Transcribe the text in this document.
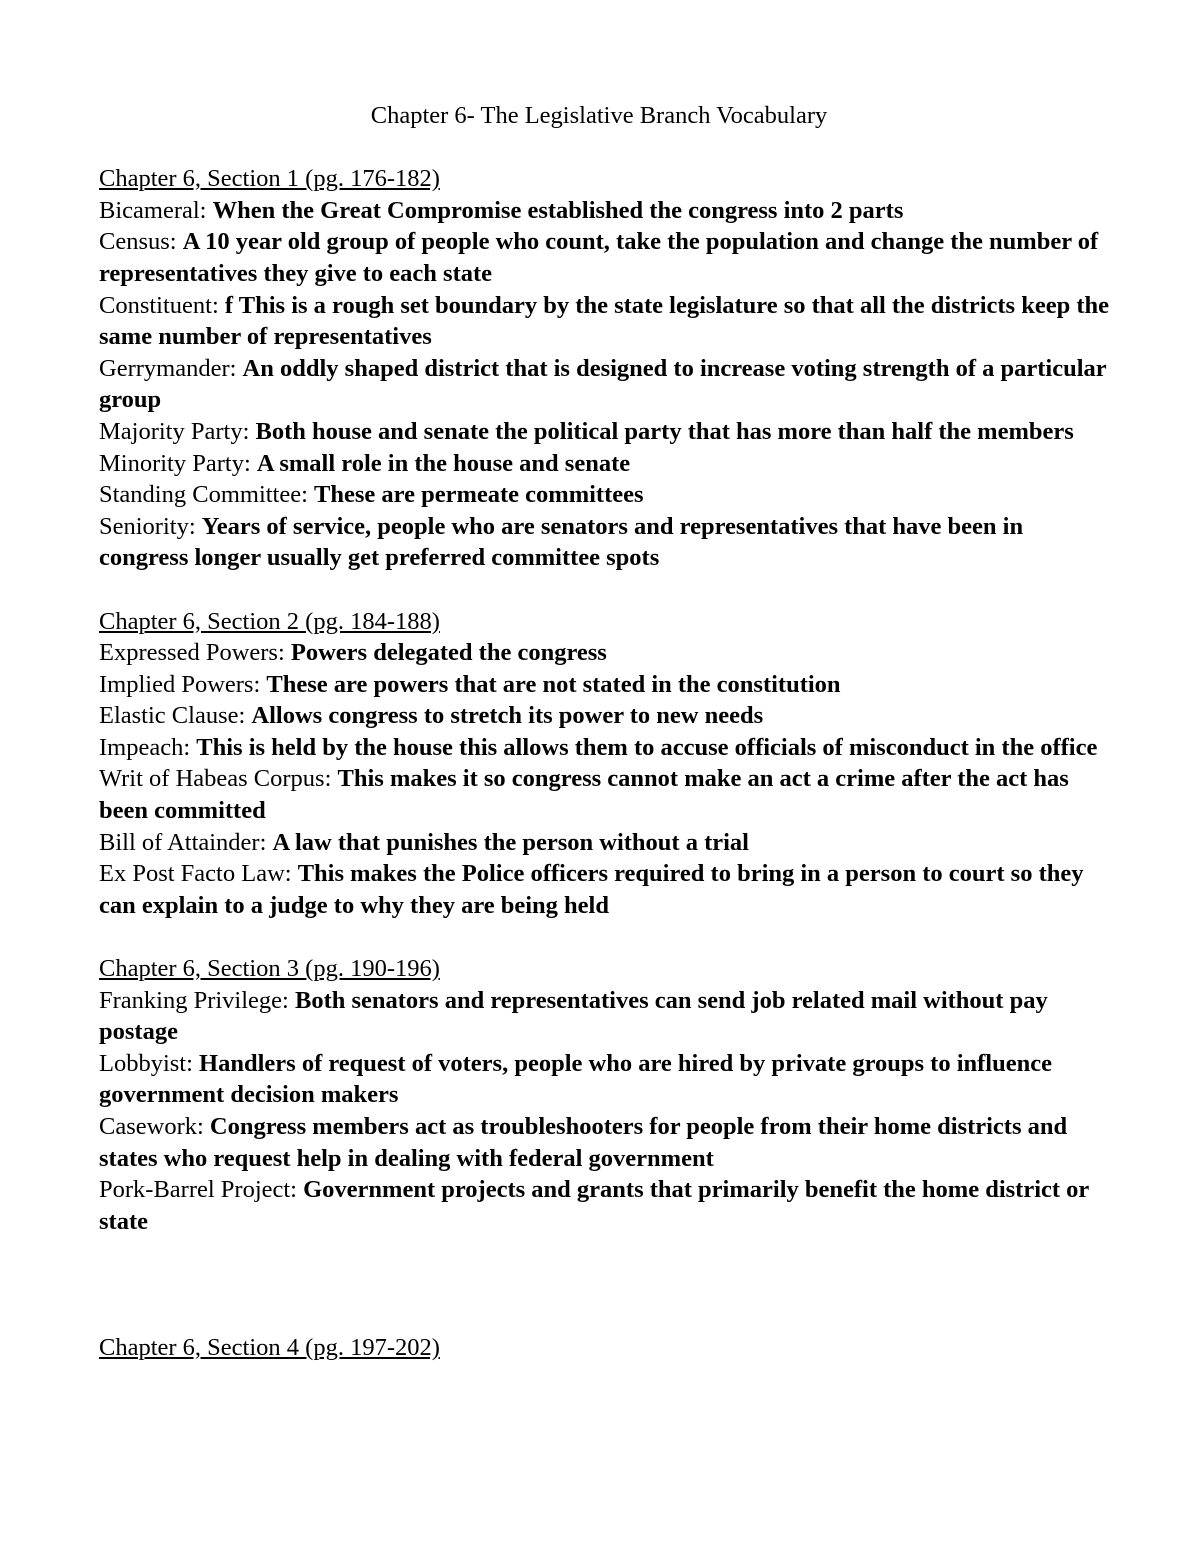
Chapter 6- The Legislative Branch Vocabulary
Chapter 6, Section 1 (pg. 176-182)
Bicameral: When the Great Compromise established the congress into 2 parts
Census: A 10 year old group of people who count, take the population and change the number of representatives they give to each state
Constituent: f This is a rough set boundary by the state legislature so that all the districts keep the same number of representatives
Gerrymander: An oddly shaped district that is designed to increase voting strength of a particular group
Majority Party: Both house and senate the political party that has more than half the members
Minority Party: A small role in the house and senate
Standing Committee: These are permeate committees
Seniority: Years of service, people who are senators and representatives that have been in congress longer usually get preferred committee spots
Chapter 6, Section 2 (pg. 184-188)
Expressed Powers: Powers delegated the congress
Implied Powers: These are powers that are not stated in the constitution
Elastic Clause: Allows congress to stretch its power to new needs
Impeach: This is held by the house this allows them to accuse officials of misconduct in the office
Writ of Habeas Corpus: This makes it so congress cannot make an act a crime after the act has been committed
Bill of Attainder: A law that punishes the person without a trial
Ex Post Facto Law: This makes the Police officers required to bring in a person to court so they can explain to a judge to why they are being held
Chapter 6, Section 3 (pg. 190-196)
Franking Privilege: Both senators and representatives can send job related mail without pay postage
Lobbyist: Handlers of request of voters, people who are hired by private groups to influence government decision makers
Casework: Congress members act as troubleshooters for people from their home districts and states who request help in dealing with federal government
Pork-Barrel Project: Government projects and grants that primarily benefit the home district or state
Chapter 6, Section 4 (pg. 197-202)
